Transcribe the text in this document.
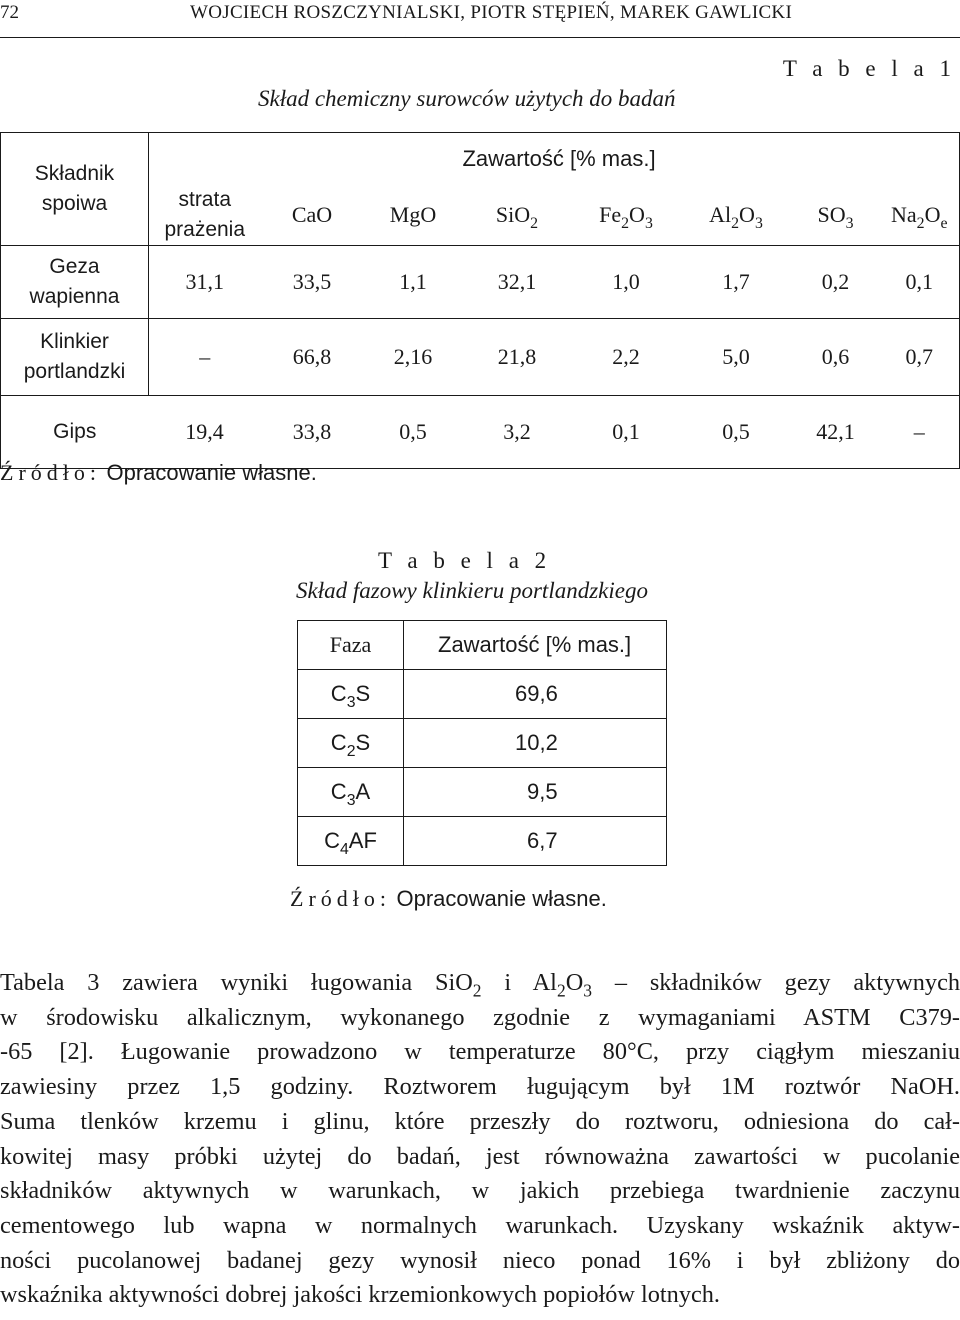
72	WOJCIECH ROSZCZYNIALSKI, PIOTR STĘPIEŃ, MAREK GAWLICKI
T a b e l a 1
Skład chemiczny surowców użytych do badań
Składnik
spoiwa	Zawartość [% mas.]							

	strata
prażenia	CaO	MgO	SiO$_2$	$Fe_2O_3$	$Al_2O_3$	$SO_3$	$Na_2O_e$

Geza
wapienna	31,1	33,5	1,1	32,1	1,0	1,7	0,2	0,1

Klinkier
portlandzki	–	66,8	2,16	21,8	2,2	5,0	0,6	0,7

Gips	19,4	33,8	0,5	3,2	0,1	0,5	42,1	–
Źródło: Opracowanie własne.
T a b e l a 2
Skład fazowy klinkieru portlandzkiego
Faza	Zawartość [% mas.]
$C_3S$	69,6
$C_2S$	10,2
$C_3A$	9,5
$C_4AF$	6,7
Źródło: Opracowanie własne.
Tabela 3 zawiera wyniki ługowania SiO$_2$ i $Al_2O_3$ – składników gezy aktywnych
w środowisku alkalicznym, wykonanego zgodnie z wymaganiami ASTM C379-
-65 [2]. Ługowanie prowadzono w temperaturze 80°C, przy ciągłym mieszaniu
zawiesiny przez 1,5 godziny. Roztworem ługującym był 1M roztwór NaOH.
Suma tlenków krzemu i glinu, które przeszły do roztworu, odniesiona do cał-
kowitej masy próbki użytej do badań, jest równoważna zawartości w pucolanie
składników aktywnych w warunkach, w jakich przebiega twardnienie zaczynu
cementowego lub wapna w normalnych warunkach. Uzyskany wskaźnik aktyw-
ności pucolanowej badanej gezy wynosił nieco ponad 16% i był zbliżony do
wskaźnika aktywności dobrej jakości krzemionkowych popiołów lotnych.
